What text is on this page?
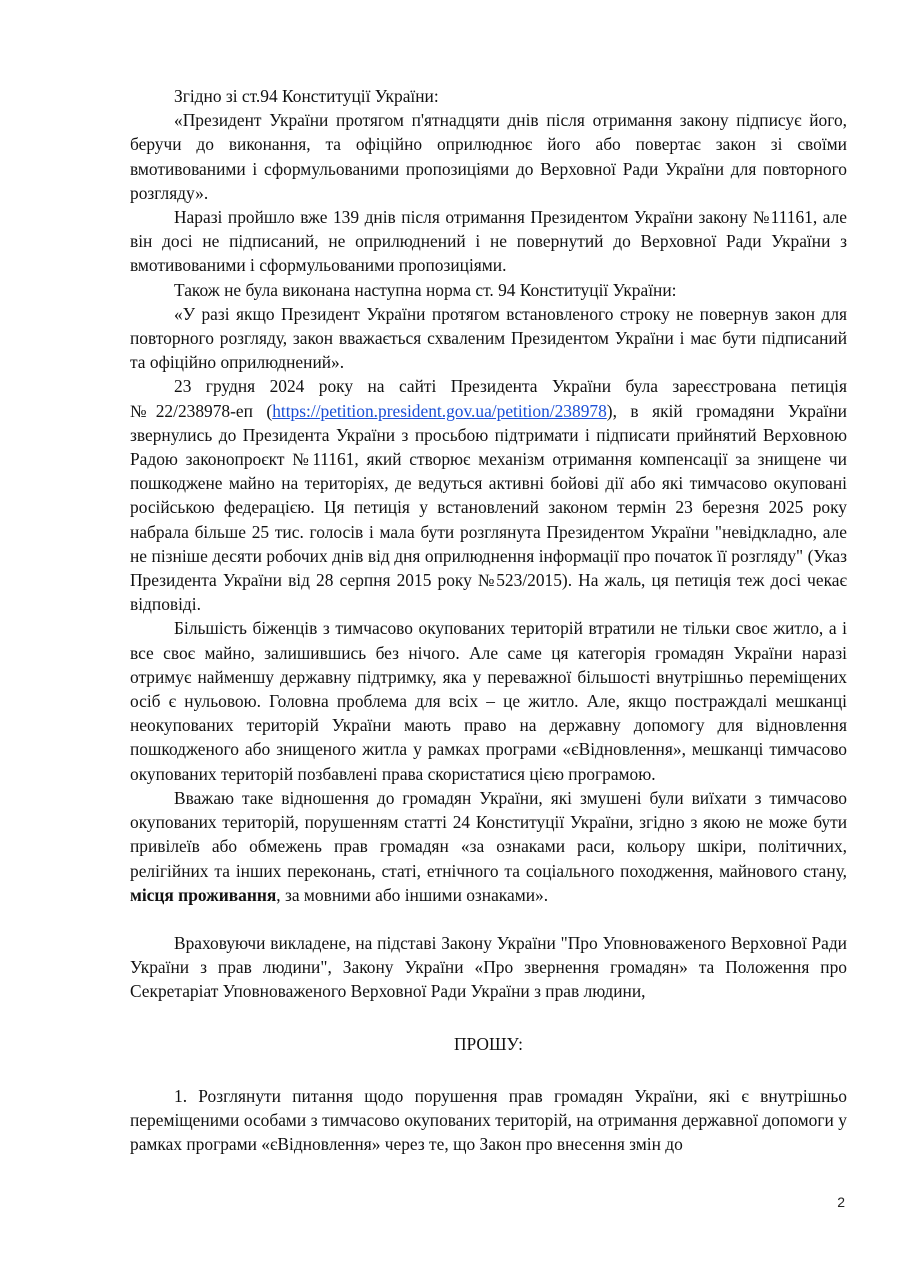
Згідно зі ст.94 Конституції України:

«Президент України протягом п'ятнадцяти днів після отримання закону підписує його, беручи до виконання, та офіційно оприлюднює його або повертає закон зі своїми вмотивованими і сформульованими пропозиціями до Верховної Ради України для повторного розгляду».

Наразі пройшло вже 139 днів після отримання Президентом України закону №11161, але він досі не підписаний, не оприлюднений і не повернутий до Верховної Ради України з вмотивованими і сформульованими пропозиціями.

Також не була виконана наступна норма ст. 94 Конституції України:

«У разі якщо Президент України протягом встановленого строку не повернув закон для повторного розгляду, закон вважається схваленим Президентом України і має бути підписаний та офіційно оприлюднений».

23 грудня 2024 року на сайті Президента України була зареєстрована петиція №22/238978-еп (https://petition.president.gov.ua/petition/238978), в якій громадяни України звернулись до Президента України з просьбою підтримати і підписати прийнятий Верховною Радою законопроєкт №11161, який створює механізм отримання компенсації за знищене чи пошкоджене майно на територіях, де ведуться активні бойові дії або які тимчасово окуповані російською федерацією. Ця петиція у встановлений законом термін 23 березня 2025 року набрала більше 25 тис. голосів і мала бути розглянута Президентом України "невідкладно, але не пізніше десяти робочих днів від дня оприлюднення інформації про початок її розгляду" (Указ Президента України від 28 серпня 2015 року №523/2015). На жаль, ця петиція теж досі чекає відповіді.

Більшість біженців з тимчасово окупованих територій втратили не тільки своє житло, а і все своє майно, залишившись без нічого. Але саме ця категорія громадян України наразі отримує найменшу державну підтримку, яка у переважної більшості внутрішньо переміщених осіб є нульовою. Головна проблема для всіх – це житло. Але, якщо постраждалі мешканці неокупованих територій України мають право на державну допомогу для відновлення пошкодженого або знищеного житла у рамках програми «єВідновлення», мешканці тимчасово окупованих територій позбавлені права скористатися цією програмою.

Вважаю таке відношення до громадян України, які змушені були виїхати з тимчасово окупованих територій, порушенням статті 24 Конституції України, згідно з якою не може бути привілеїв або обмежень прав громадян «за ознаками раси, кольору шкіри, політичних, релігійних та інших переконань, статі, етнічного та соціального походження, майнового стану, місця проживання, за мовними або іншими ознаками».

Враховуючи викладене, на підставі Закону України "Про Уповноваженого Верховної Ради України з прав людини", Закону України «Про звернення громадян» та Положення про Секретаріат Уповноваженого Верховної Ради України з прав людини,

ПРОШУ:

1. Розглянути питання щодо порушення прав громадян України, які є внутрішньо переміщеними особами з тимчасово окупованих територій, на отримання державної допомоги у рамках програми «єВідновлення» через те, що Закон про внесення змін до

2
